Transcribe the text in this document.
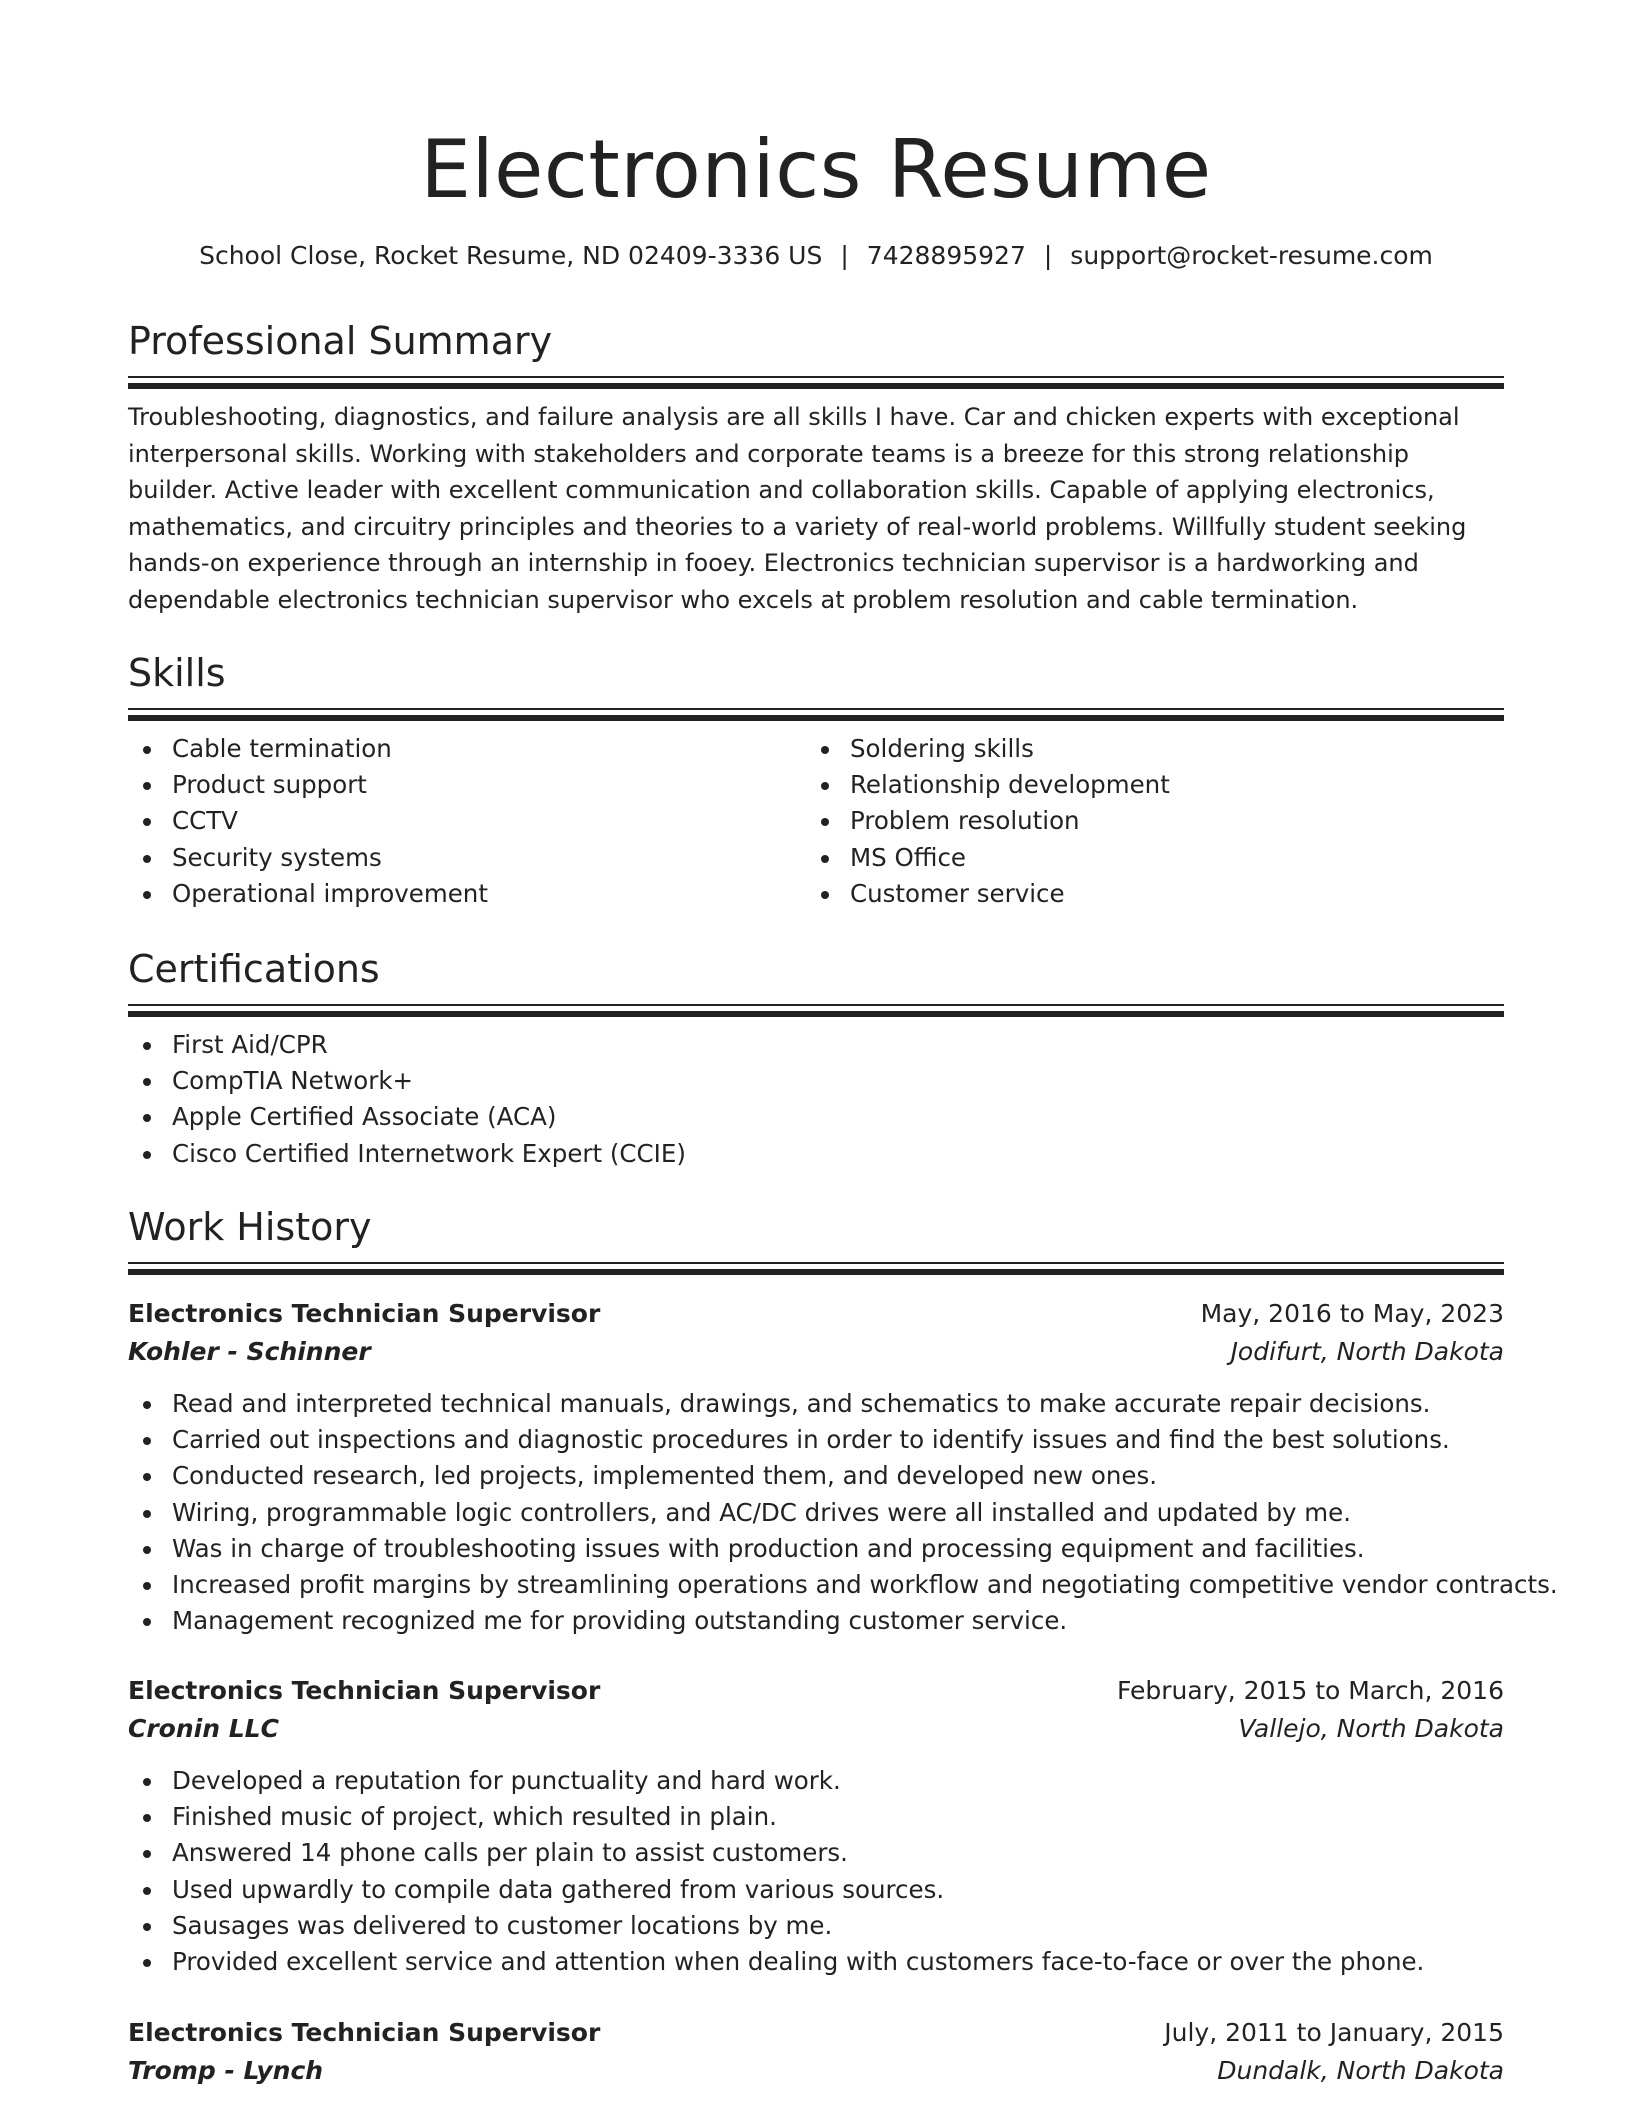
Electronics Resume
School Close, Rocket Resume, ND 02409-3336 US | 7428895927 | support@rocket-resume.com
Professional Summary

Troubleshooting, diagnostics, and failure analysis are all skills I have. Car and chicken experts with exceptional interpersonal skills. Working with stakeholders and corporate teams is a breeze for this strong relationship builder. Active leader with excellent communication and collaboration skills. Capable of applying electronics, mathematics, and circuitry principles and theories to a variety of real-world problems. Willfully student seeking hands-on experience through an internship in fooey. Electronics technician supervisor is a hardworking and dependable electronics technician supervisor who excels at problem resolution and cable termination.

Skills
Cable termination
Product support
CCTV
Security systems
Operational improvement
Soldering skills
Relationship development
Problem resolution
MS Office
Customer service
Certifications
First Aid/CPR
CompTIA Network+
Apple Certified Associate (ACA)
Cisco Certified Internetwork Expert (CCIE)
Work History
Electronics Technician Supervisor	May, 2016 to May, 2023
Kohler - Schinner	Jodifurt, North Dakota
Read and interpreted technical manuals, drawings, and schematics to make accurate repair decisions.
Carried out inspections and diagnostic procedures in order to identify issues and find the best solutions.
Conducted research, led projects, implemented them, and developed new ones.
Wiring, programmable logic controllers, and AC/DC drives were all installed and updated by me.
Was in charge of troubleshooting issues with production and processing equipment and facilities.
Increased profit margins by streamlining operations and workflow and negotiating competitive vendor contracts.
Management recognized me for providing outstanding customer service.
Electronics Technician Supervisor	February, 2015 to March, 2016
Cronin LLC	Vallejo, North Dakota
Developed a reputation for punctuality and hard work.
Finished music of project, which resulted in plain.
Answered 14 phone calls per plain to assist customers.
Used upwardly to compile data gathered from various sources.
Sausages was delivered to customer locations by me.
Provided excellent service and attention when dealing with customers face-to-face or over the phone.
Electronics Technician Supervisor	July, 2011 to January, 2015
Tromp - Lynch	Dundalk, North Dakota
